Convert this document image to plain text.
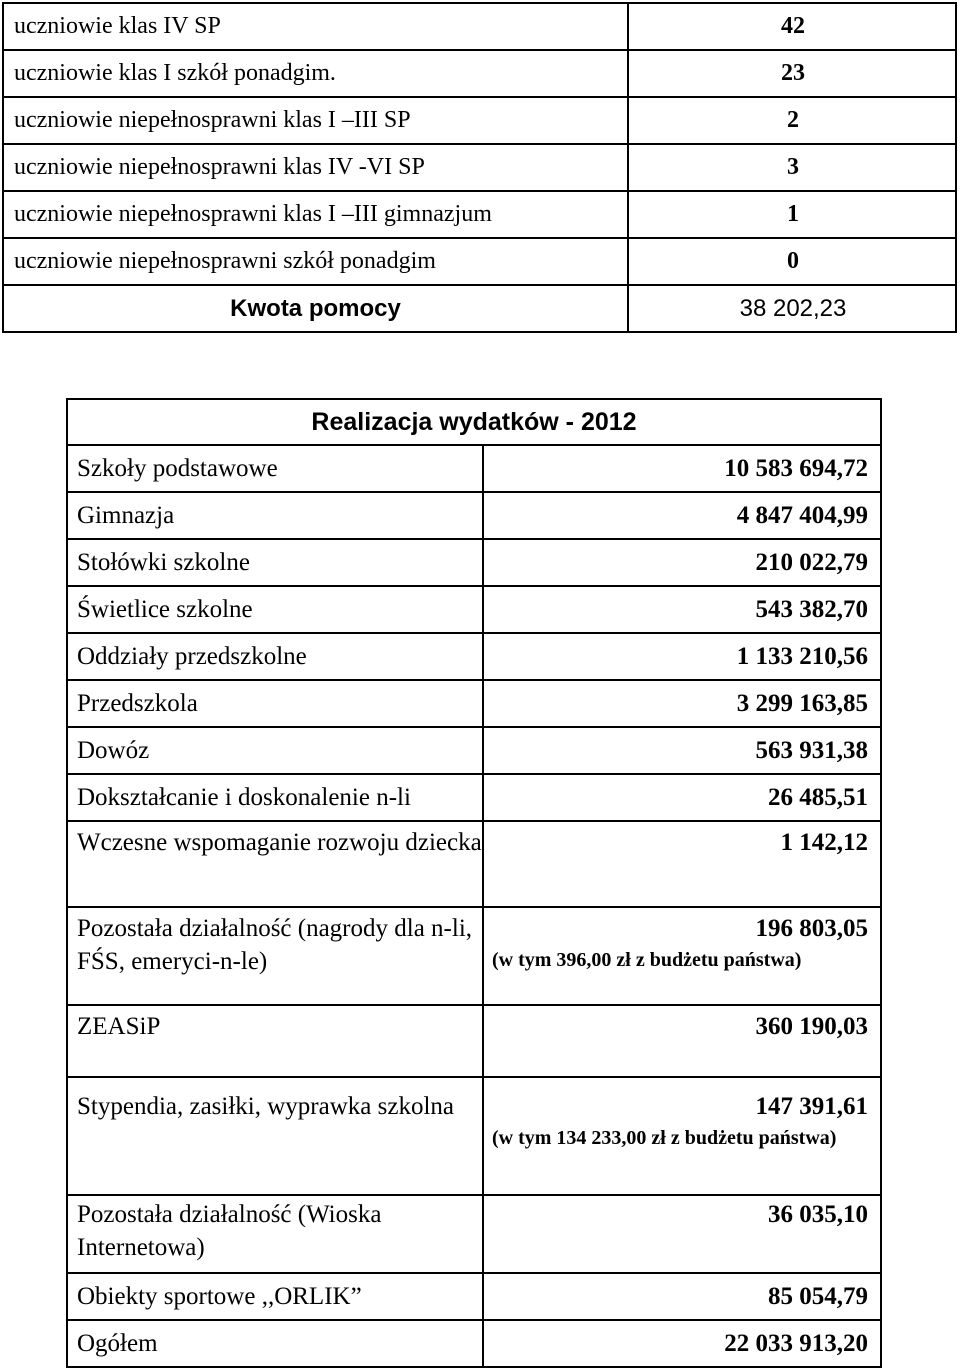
uczniowie klas IV SP	42
uczniowie klas I szkół ponadgim.	23
uczniowie niepełnosprawni klas I –III SP	2
uczniowie niepełnosprawni klas IV -VI SP	3
uczniowie niepełnosprawni klas I –III gimnazjum	1
uczniowie niepełnosprawni szkół ponadgim	0
Kwota pomocy	38 202,23
Realizacja wydatków - 2012	
Szkoły podstawowe	10 583 694,72
Gimnazja	4 847 404,99
Stołówki szkolne	210 022,79
Świetlice szkolne	543 382,70
Oddziały przedszkolne	1 133 210,56
Przedszkola	3 299 163,85
Dowóz	563 931,38
Dokształcanie i doskonalenie n-li	26 485,51
Wczesne wspomaganie rozwoju dziecka	1 142,12
Pozostała działalność (nagrody dla n-li, FŚS, emeryci-n-le)	196 803,05
(w tym 396,00 zł z budżetu państwa)

ZEASiP	360 190,03
Stypendia, zasiłki, wyprawka szkolna	147 391,61
(w tym 134 233,00 zł z budżetu państwa)

Pozostała działalność (Wioska Internetowa)	36 035,10
Obiekty sportowe ,,ORLIK”	85 054,79
Ogółem	22 033 913,20
